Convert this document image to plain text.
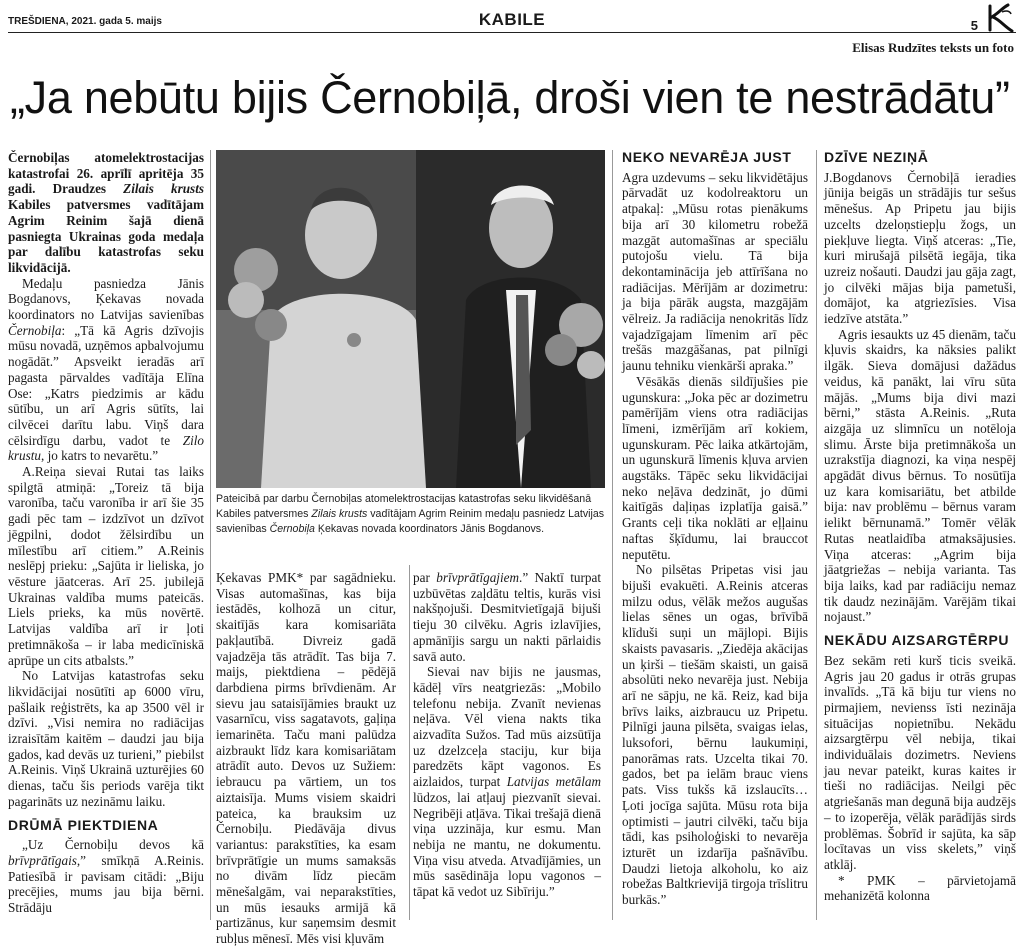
TREŠDIENA, 2021. gada 5. maijs	KABILE	5
Elisas Rudzītes teksts un foto
„Ja nebūtu bijis Černobiļā, droši vien te nestrādātu”

Černobiļas atomelektrostacijas katastrofai 26. aprīlī apritēja 35 gadi. Draudzes Zilais krusts Kabiles patversmes vadītājam Agrim Reinim šajā dienā pasniegta Ukrainas goda medaļa par dalību katastrofas seku likvidācijā.

Medaļu pasniedza Jānis Bogdanovs, Ķekavas novada koordinators no Latvijas savienības Černobiļa: „Tā kā Agris dzīvojis mūsu novadā, uzņēmos apbalvojumu nogādāt.” Apsveikt ieradās arī pagasta pārvaldes vadītāja Elīna Ose: „Katrs piedzimis ar kādu sūtību, un arī Agris sūtīts, lai cilvēcei darītu labu. Viņš dara cēlsirdīgu darbu, vadot te Zilo krustu, jo katrs to nevarētu.”

A.Reiņa sievai Rutai tas laiks spilgtā atmiņā: „Toreiz tā bija varonība, taču varonība ir arī šie 35 gadi pēc tam – izdzīvot un dzīvot jēgpilni, dodot žēlsirdību un mīlestību arī citiem.” A.Reinis neslēpj prieku: „Sajūta ir lieliska, jo vēsture jāatceras. Arī 25. jubilejā Ukrainas valdība mums pateicās. Liels prieks, ka mūs novērtē. Latvijas valdība arī ir ļoti pretimnākoša – ir laba medicīniskā aprūpe un cits atbalsts.”

No Latvijas katastrofas seku likvidācijai nosūtīti ap 6000 vīru, pašlaik reģistrēts, ka ap 3500 vēl ir dzīvi. „Visi nemira no radiācijas izraisītām kaitēm – daudzi jau bija gados, kad devās uz turieni,” piebilst A.Reinis. Viņš Ukrainā uzturējies 60 dienas, taču šis periods varēja tikt pagarināts uz nezināmu laiku.

DRŪMĀ PIEKTDIENA

„Uz Černobiļu devos kā brīvprātīgais,” smīkņā A.Reinis. Patiesībā ir pavisam citādi: „Biju precējies, mums jau bija bērni. Strādāju

Pateicībā par darbu Černobiļas atomelektrostacijas katastrofas seku likvidēšanā Kabiles patversmes Zilais krusts vadītājam Agrim Reinim medaļu pasniedz Latvijas savienības Černobiļa Ķekavas novada koordinators Jānis Bogdanovs.

Ķekavas PMK* par sagādnieku. Visas automašīnas, kas bija iestādēs, kolhozā un citur, skaitījās kara komisariāta pakļautībā. Divreiz gadā vajadzēja tās atrādīt. Tas bija 7. maijs, piektdiena – pēdējā darbdiena pirms brīvdienām. Ar sievu jau sataisījāmies braukt uz vasarnīcu, viss sagatavots, gaļiņa iemarinēta. Taču mani palūdza aizbraukt līdz kara komisariātam atrādīt auto. Devos uz Sužiem: iebraucu pa vārtiem, un tos aiztaisīja. Mums visiem skaidri pateica, ka brauksim uz Černobiļu. Piedāvāja divus variantus: parakstīties, ka esam brīvprātīgie un mums samaksās no divām līdz piecām mēnešalgām, vai neparakstīties, un mūs iesauks armijā kā partizānus, kur saņemsim desmit rubļus mēnesī. Mēs visi kļuvām

par brīvprātīgajiem.” Naktī turpat uzbūvētas zaļdātu teltis, kurās visi nakšņojuši. Desmitvietīgajā bijuši tieju 30 cilvēku. Agris izlavījies, apmānījis sargu un nakti pārlaidis savā auto.

Sievai nav bijis ne jausmas, kādēļ vīrs neatgriezās: „Mobilo telefonu nebija. Zvanīt nevienas neļāva. Vēl viena nakts tika aizvadīta Sužos. Tad mūs aizsūtīja uz dzelzceļa staciju, kur bija paredzēts kāpt vagonos. Es aizlaidos, turpat Latvijas metālam lūdzos, lai atļauj piezvanīt sievai. Negribēji atļāva. Tikai trešajā dienā viņa uzzināja, kur esmu. Man nebija ne mantu, ne dokumentu. Viņa visu atveda. Atvadījāmies, un mūs sasēdināja lopu vagonos – tāpat kā vedot uz Sibīriju.”

NEKO NEVARĒJA JUST

Agra uzdevums – seku likvidētājus pārvadāt uz kodolreaktoru un atpakaļ: „Mūsu rotas pienākums bija arī 30 kilometru robežā mazgāt automašīnas ar speciālu putojošu vielu. Tā bija dekontaminācija jeb attīrīšana no radiācijas. Mērījām ar dozimetru: ja bija pārāk augsta, mazgājām vēlreiz. Ja radiācija nenokritās līdz vajadzīgajam līmenim arī pēc trešās mazgāšanas, pat pilnīgi jaunu tehniku vienkārši apraka.”

Vēsākās dienās sildījušies pie ugunskura: „Joka pēc ar dozimetru pamērījām viens otra radiācijas līmeni, izmērījām arī kokiem, ugunskuram. Pēc laika atkārtojām, un ugunskurā līmenis kļuva arvien augstāks. Tāpēc seku likvidācijai neko neļāva dedzināt, jo dūmi kaitīgās daļiņas izplatīja gaisā.” Grants ceļi tika noklāti ar eļļainu naftas šķīdumu, lai brauccot neputētu.

No pilsētas Pripetas visi jau bijuši evakuēti. A.Reinis atceras milzu odus, vēlāk mežos augušas lielas sēnes un ogas, brīvībā klīduši suņi un mājlopi. Bijis skaists pavasaris. „Ziedēja akācijas un ķirši – tiešām skaisti, un gaisā absolūti neko nevarēja just. Nebija arī ne sāpju, ne kā. Reiz, kad bija brīvs laiks, aizbraucu uz Pripetu. Pilnīgi jauna pilsēta, svaigas ielas, luksofori, bērnu laukumiņi, panorāmas rats. Uzcelta tikai 70. gados, bet pa ielām brauc viens pats. Viss tukšs kā izslaucīts… Ļoti jocīga sajūta. Mūsu rota bija optimisti – jautri cilvēki, taču bija tādi, kas psiholoģiski to nevarēja izturēt un izdarīja pašnāvību. Daudzi lietoja alkoholu, ko aiz robežas Baltkrievijā tirgoja trīslitru burkās.”

DZĪVE NEZIŅĀ

J.Bogdanovs Černobiļā ieradies jūnija beigās un strādājis tur sešus mēnešus. Ap Pripetu jau bijis uzcelts dzeloņstiepļu žogs, un piekļuve liegta. Viņš atceras: „Tie, kuri mirušajā pilsētā iegāja, tika uzreiz nošauti. Daudzi jau gāja zagt, jo cilvēki mājas bija pametuši, domājot, ka atgriezīsies. Visa iedzīve atstāta.”

Agris iesaukts uz 45 dienām, taču kļuvis skaidrs, ka nāksies palikt ilgāk. Sieva domājusi dažādus veidus, kā panākt, lai vīru sūta mājās. „Mums bija divi mazi bērni,” stāsta A.Reinis. „Ruta aizgāja uz slimnīcu un notēloja slimu. Ārste bija pretimnākoša un uzrakstīja diagnozi, ka viņa nespēj apgādāt divus bērnus. To nosūtīja uz kara komisariātu, bet atbilde bija: nav problēmu – bērnus varam ielikt bērnunamā.” Tomēr vēlāk Rutas neatlaidība atmaksājusies. Viņa atceras: „Agrim bija jāatgriežas – nebija varianta. Tas bija laiks, kad par radiāciju nemaz tik daudz nezinājām. Varējām tikai nojaust.”

NEKĀDU AIZSARGTĒRPU

Bez sekām reti kurš ticis sveikā. Agris jau 20 gadus ir otrās grupas invalīds. „Tā kā biju tur viens no pirmajiem, nevienss īsti nezināja situācijas nopietnību. Nekādu aizsargtērpu vēl nebija, tikai individuālais dozimetrs. Neviens jau nevar pateikt, kuras kaites ir tieši no radiācijas. Neilgi pēc atgriešanās man degunā bija audzējs – to izoperēja, vēlāk parādījās sirds problēmas. Šobrīd ir sajūta, ka sāp locītavas un viss skelets,” viņš atklāj.

* PMK – pārvietojamā mehanizētā kolonna
